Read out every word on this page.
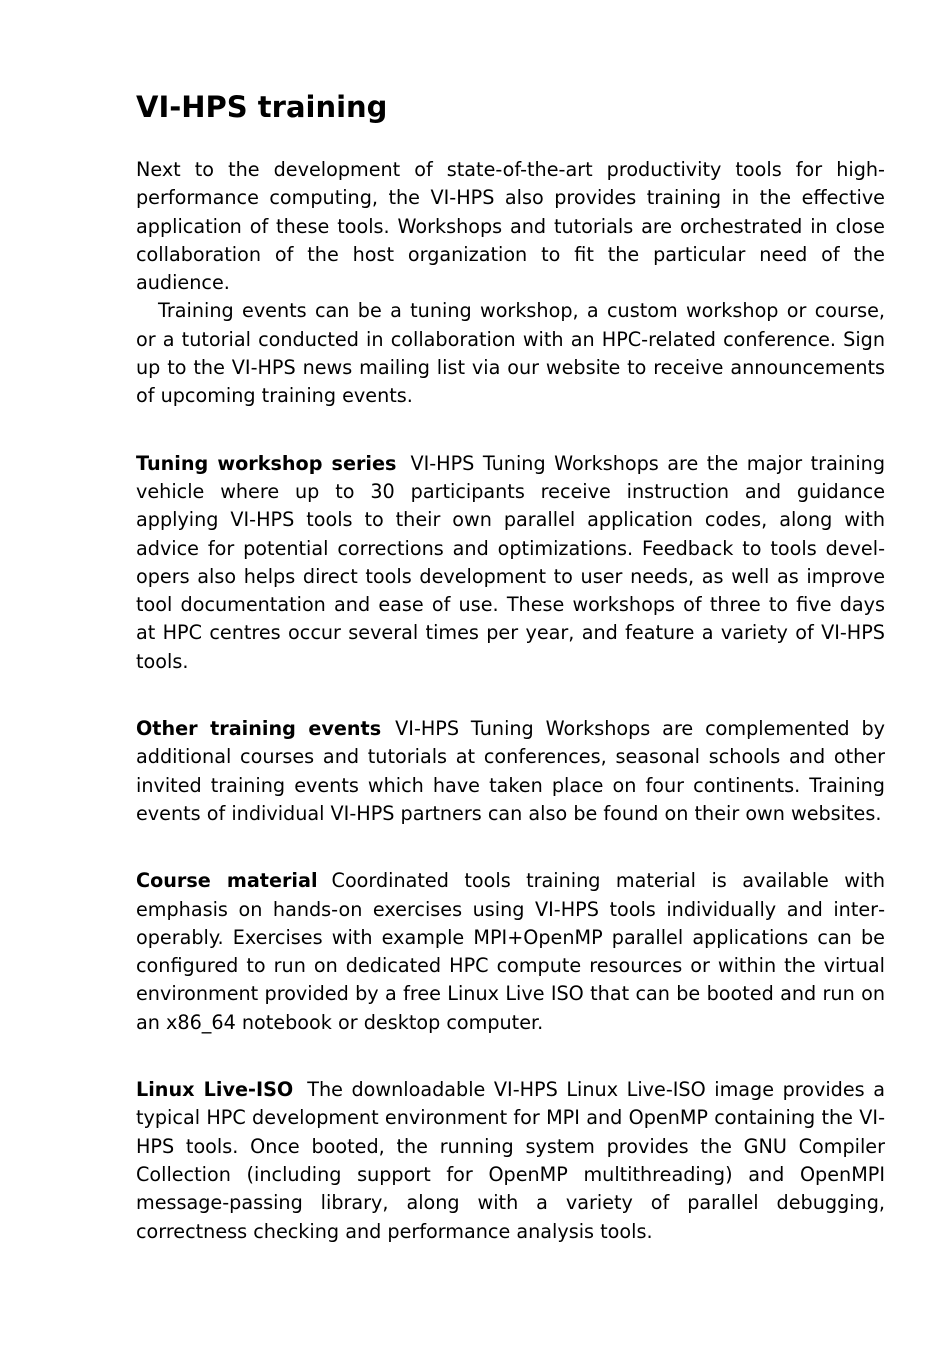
VI-HPS training

Next to the development of state-of-the-art productivity tools for high-performance computing, the VI-HPS also provides training in the effective application of these tools. Workshops and tutorials are orchestrated in close collaboration of the host organization to fit the particular need of the audience.

Training events can be a tuning workshop, a custom workshop or course, or a tutorial conducted in collaboration with an HPC-related conference. Sign up to the VI-HPS news mailing list via our website to receive announcements of upcoming training events.

Tuning workshop series VI-HPS Tuning Workshops are the major training vehicle where up to 30 participants receive instruction and guidance applying VI-HPS tools to their own parallel application codes, along with advice for potential corrections and optimizations. Feedback to tools developers also helps direct tools development to user needs, as well as improve tool documentation and ease of use. These workshops of three to five days at HPC centres occur several times per year, and feature a variety of VI-HPS tools.

Other training events VI-HPS Tuning Workshops are complemented by additional courses and tutorials at conferences, seasonal schools and other invited training events which have taken place on four continents. Training events of individual VI-HPS partners can also be found on their own websites.

Course material Coordinated tools training material is available with emphasis on hands-on exercises using VI-HPS tools individually and interoperably. Exercises with example MPI+OpenMP parallel applications can be configured to run on dedicated HPC compute resources or within the virtual environment provided by a free Linux Live ISO that can be booted and run on an x86_64 notebook or desktop computer.

Linux Live-ISO The downloadable VI-HPS Linux Live-ISO image provides a typical HPC development environment for MPI and OpenMP containing the VI-HPS tools. Once booted, the running system provides the GNU Compiler Collection (including support for OpenMP multithreading) and OpenMPI message-passing library, along with a variety of parallel debugging, correctness checking and performance analysis tools.
